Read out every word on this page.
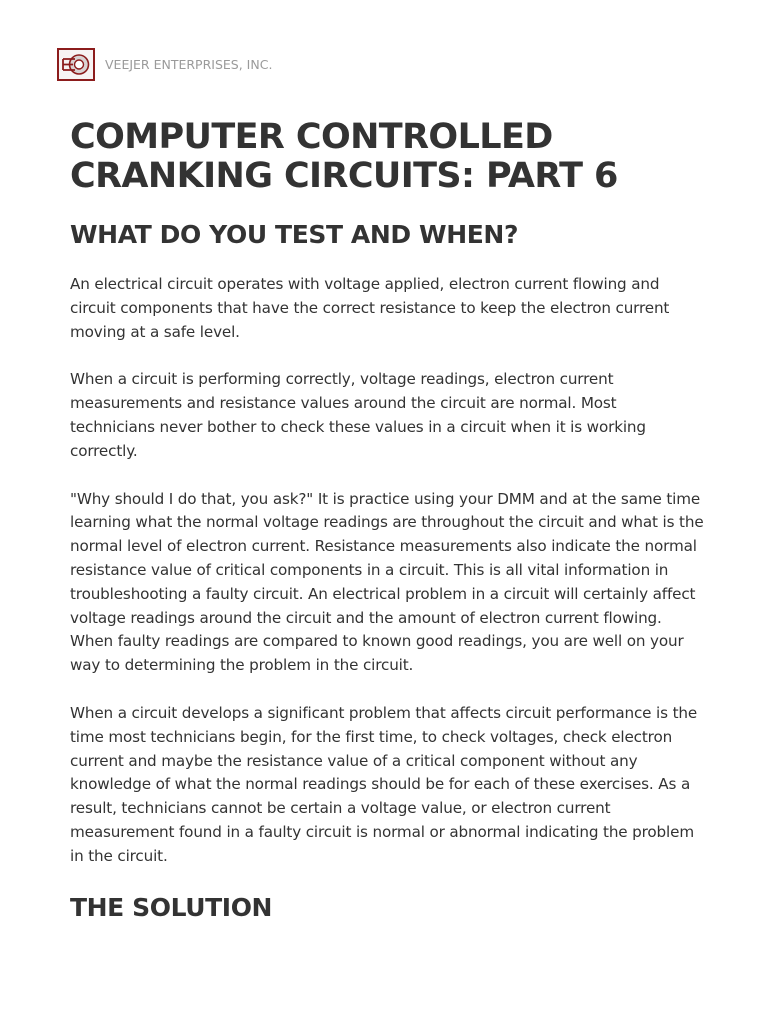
VEEJER ENTERPRISES, INC.
COMPUTER CONTROLLED CRANKING CIRCUITS: PART 6
WHAT DO YOU TEST AND WHEN?

An electrical circuit operates with voltage applied, electron current flowing and circuit components that have the correct resistance to keep the electron current moving at a safe level.

When a circuit is performing correctly, voltage readings, electron current measurements and resistance values around the circuit are normal. Most technicians never bother to check these values in a circuit when it is working correctly.

"Why should I do that, you ask?" It is practice using your DMM and at the same time learning what the normal voltage readings are throughout the circuit and what is the normal level of electron current. Resistance measurements also indicate the normal resistance value of critical components in a circuit. This is all vital information in troubleshooting a faulty circuit. An electrical problem in a circuit will certainly affect voltage readings around the circuit and the amount of electron current flowing. When faulty readings are compared to known good readings, you are well on your way to determining the problem in the circuit.

When a circuit develops a significant problem that affects circuit performance is the time most technicians begin, for the first time, to check voltages, check electron current and maybe the resistance value of a critical component without any knowledge of what the normal readings should be for each of these exercises. As a result, technicians cannot be certain a voltage value, or electron current measurement found in a faulty circuit is normal or abnormal indicating the problem in the circuit.

THE SOLUTION
